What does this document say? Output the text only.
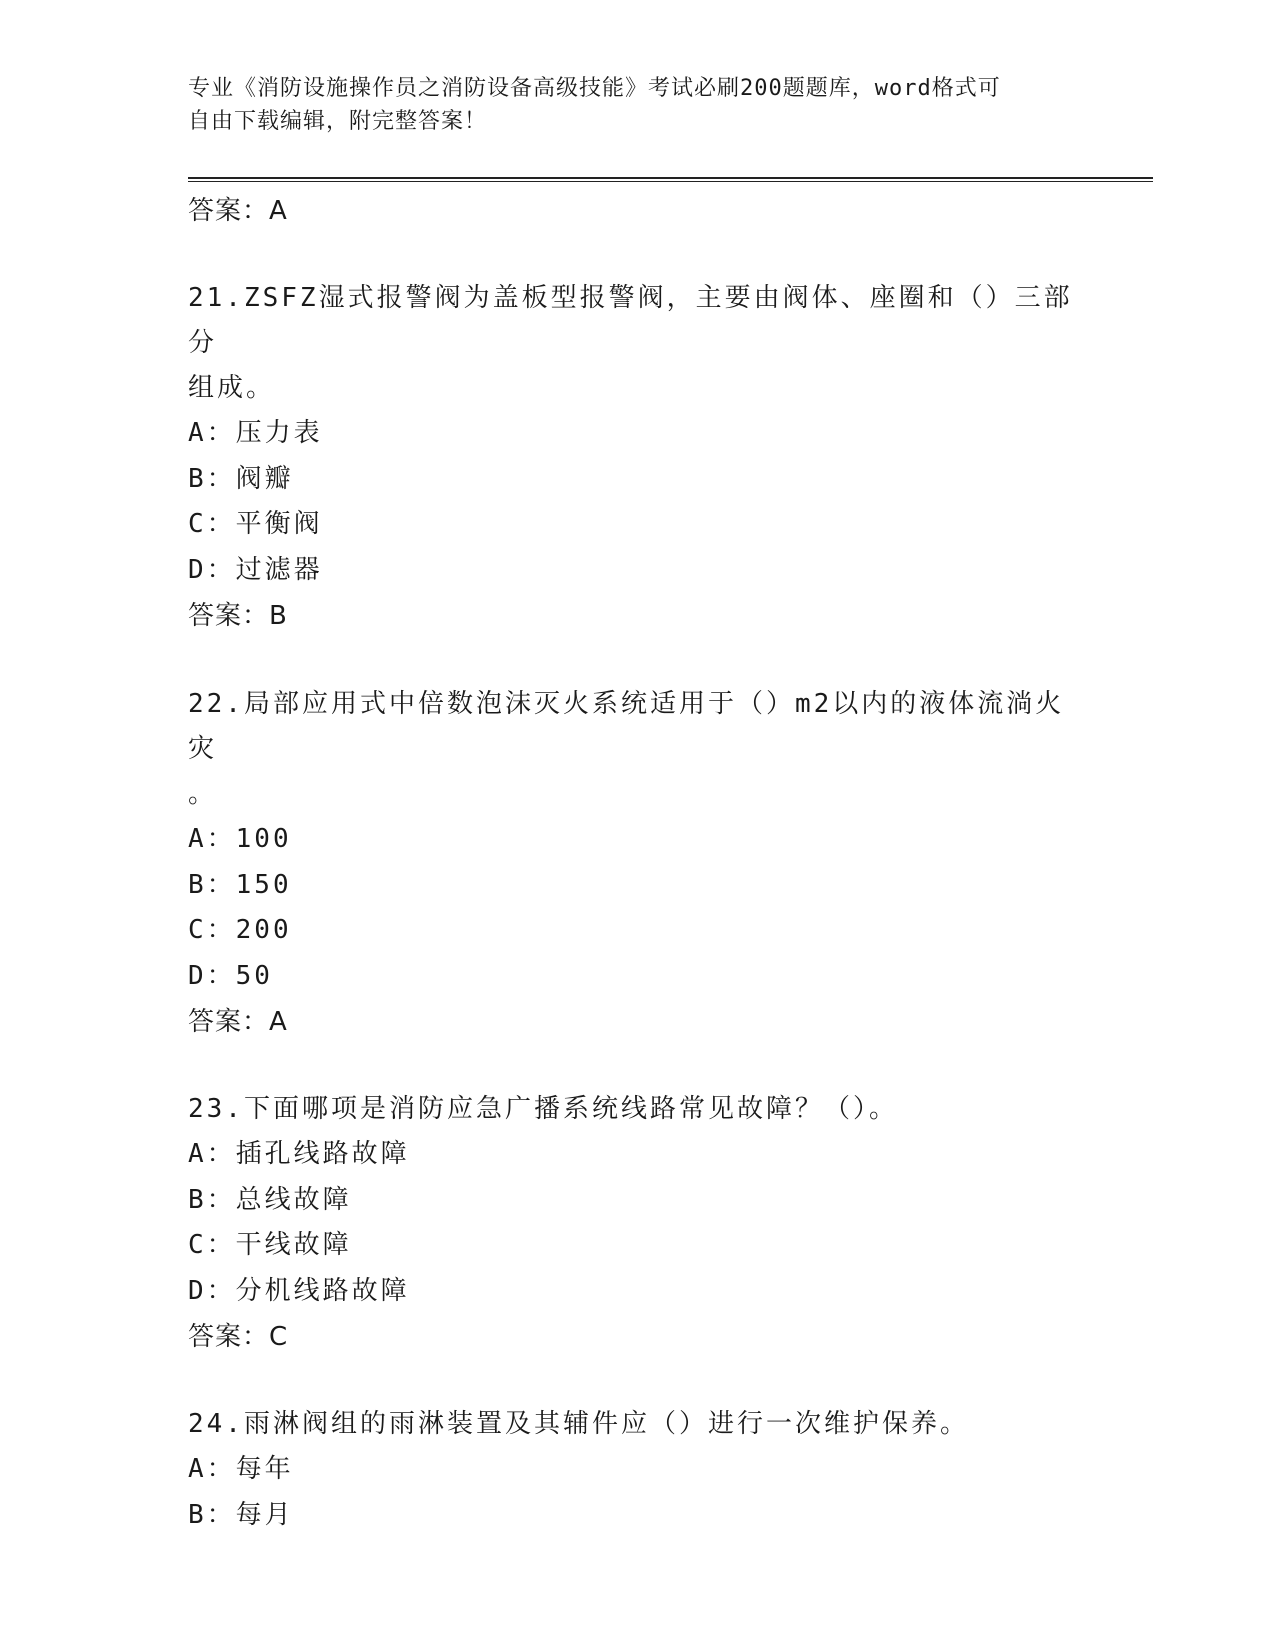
专业《消防设施操作员之消防设备高级技能》考试必刷200题题库，word格式可
自由下载编辑，附完整答案！
答案：A
21.ZSFZ湿式报警阀为盖板型报警阀，主要由阀体、座圈和（）三部分
组成。
A：压力表
B：阀瓣
C：平衡阀
D：过滤器
答案：B
22.局部应用式中倍数泡沫灭火系统适用于（）m2以内的液体流淌火灾
。
A：100
B：150
C：200
D：50
答案：A
23.下面哪项是消防应急广播系统线路常见故障？（）。
A：插孔线路故障
B：总线故障
C：干线故障
D：分机线路故障
答案：C
24.雨淋阀组的雨淋装置及其辅件应（）进行一次维护保养。
A：每年
B：每月
